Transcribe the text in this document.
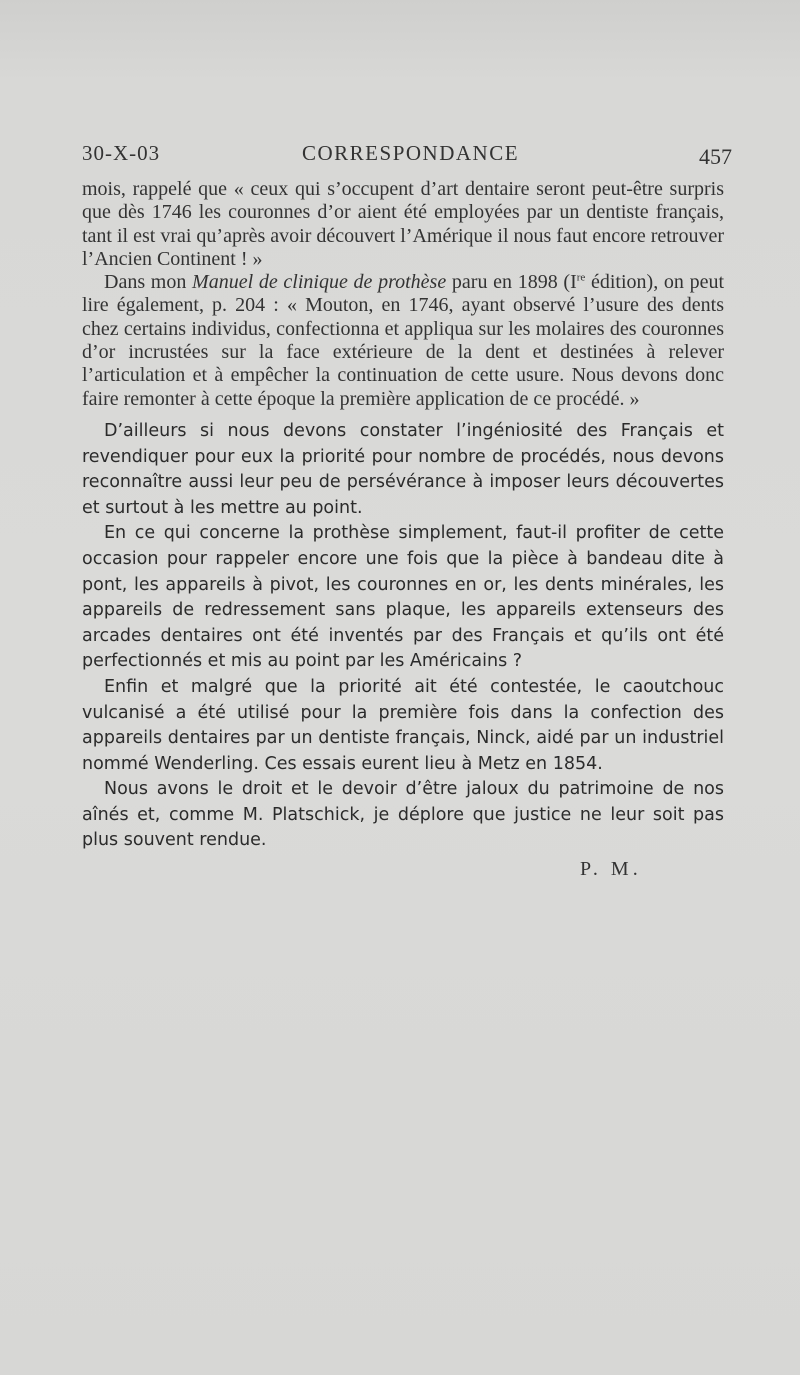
30-X-03	CORRESPONDANCE	457

mois, rappelé que « ceux qui s’occupent d’art dentaire seront peut-être surpris que dès 1746 les couronnes d’or aient été employées par un dentiste français, tant il est vrai qu’après avoir découvert l’Amérique il nous faut encore retrouver l’Ancien Continent ! »

Dans mon Manuel de clinique de prothèse paru en 1898 (Ire édition), on peut lire également, p. 204 : « Mouton, en 1746, ayant observé l’usure des dents chez certains individus, confectionna et appliqua sur les molaires des couronnes d’or incrustées sur la face extérieure de la dent et destinées à relever l’articulation et à empêcher la continuation de cette usure. Nous devons donc faire remonter à cette époque la première application de ce procédé. »

D’ailleurs si nous devons constater l’ingéniosité des Français et revendiquer pour eux la priorité pour nombre de procédés, nous devons reconnaître aussi leur peu de persévérance à imposer leurs découvertes et surtout à les mettre au point.

En ce qui concerne la prothèse simplement, faut-il profiter de cette occasion pour rappeler encore une fois que la pièce à bandeau dite à pont, les appareils à pivot, les couronnes en or, les dents minérales, les appareils de redressement sans plaque, les appareils extenseurs des arcades dentaires ont été inventés par des Français et qu’ils ont été perfectionnés et mis au point par les Américains ?

Enfin et malgré que la priorité ait été contestée, le caoutchouc vulcanisé a été utilisé pour la première fois dans la confection des appareils dentaires par un dentiste français, Ninck, aidé par un industriel nommé Wenderling. Ces essais eurent lieu à Metz en 1854.

Nous avons le droit et le devoir d’être jaloux du patrimoine de nos aînés et, comme M. Platschick, je déplore que justice ne leur soit pas plus souvent rendue.

P. M.
